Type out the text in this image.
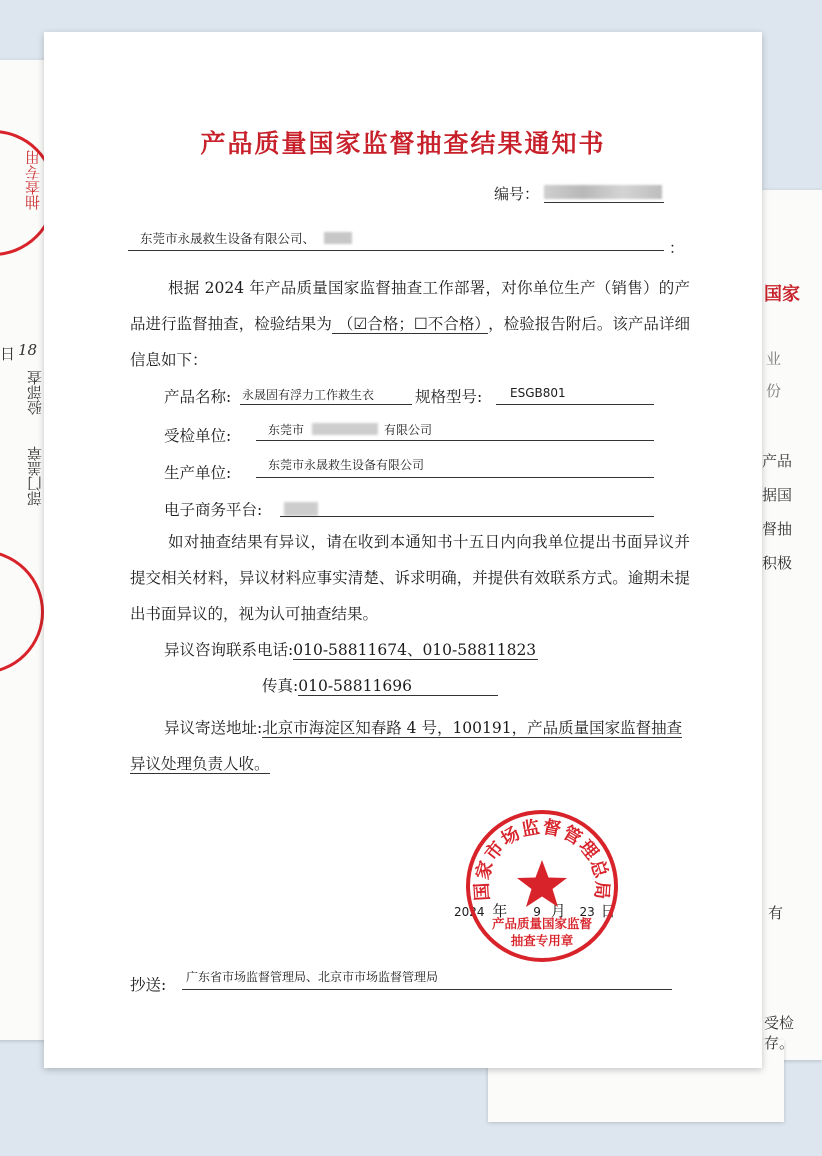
抽查专用
日 18
验部查
部门盖章
国家
业
份
产品
据国
督抽
积极
有
受检
存。
产品质量国家监督抽查结果通知书
编号：
东莞市永晟救生设备有限公司、
：
根据 2024 年产品质量国家监督抽查工作部署，对你单位生产（销售）的产品进行监督抽查，检验结果为 （☑合格；☐不合格） ，检验报告附后。该产品详细信息如下：
产品名称: 永晟固有浮力工作救生衣	规格型号: ESGB801
受检单位:	东莞市	有限公司
生产单位:	东莞市永晟救生设备有限公司
电子商务平台:
如对抽查结果有异议，请在收到本通知书十五日内向我单位提出书面异议并提交相关材料，异议材料应事实清楚、诉求明确，并提供有效联系方式。逾期未提出书面异议的，视为认可抽查结果。
异议咨询联系电话:010-58811674、010-58811823
传真:010-58811696
异议寄送地址:北京市海淀区知春路 4 号，100191，产品质量国家监督抽查异议处理负责人收。
2024 年 9 月 23 日
国家市场监督管理总局
产品质量国家监督
抽查专用章
抄送: 广东省市场监督管理局、北京市市场监督管理局
